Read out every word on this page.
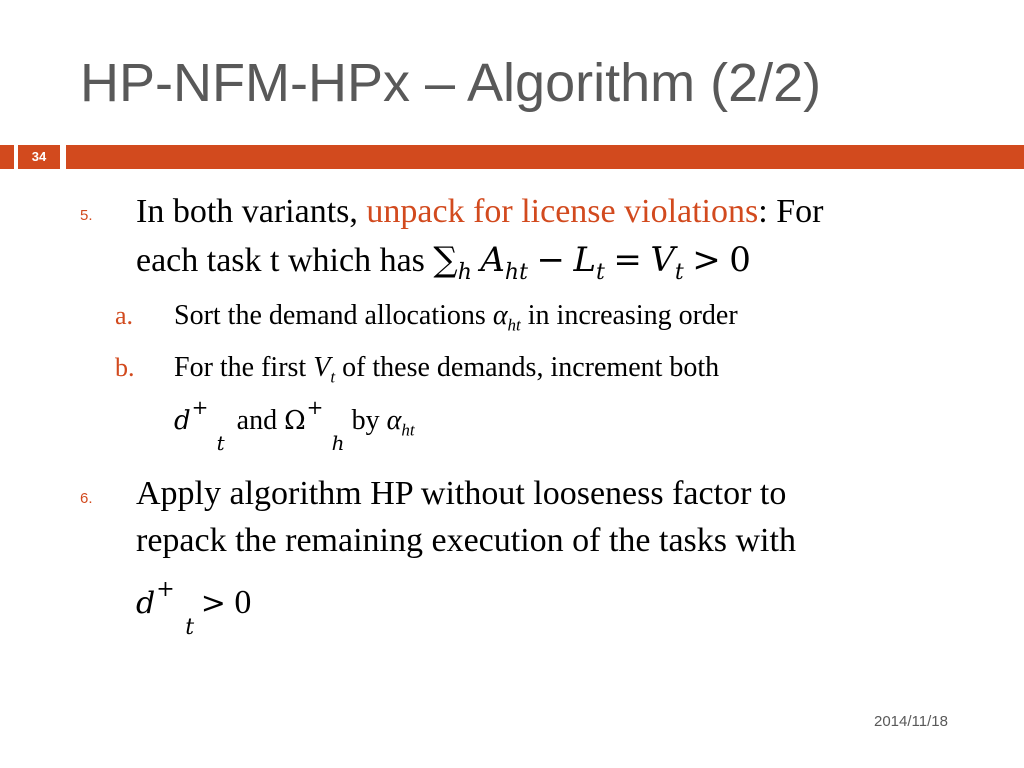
HP-NFM-HPx – Algorithm (2/2)
34
5. In both variants, unpack for license violations: For

each task t which has $\sum_h$ $A_{ht} - L_t = V_t > 0$

a. Sort the demand allocations $\alpha_{ht}$ in increasing order

b. For the first $V_t$ of these demands, increment both

d +
t
and Ω +
h
by $\alpha_{ht}$

6. Apply algorithm HP without looseness factor to

repack the remaining execution of the tasks with

d +
t
> 0

2014/11/18
